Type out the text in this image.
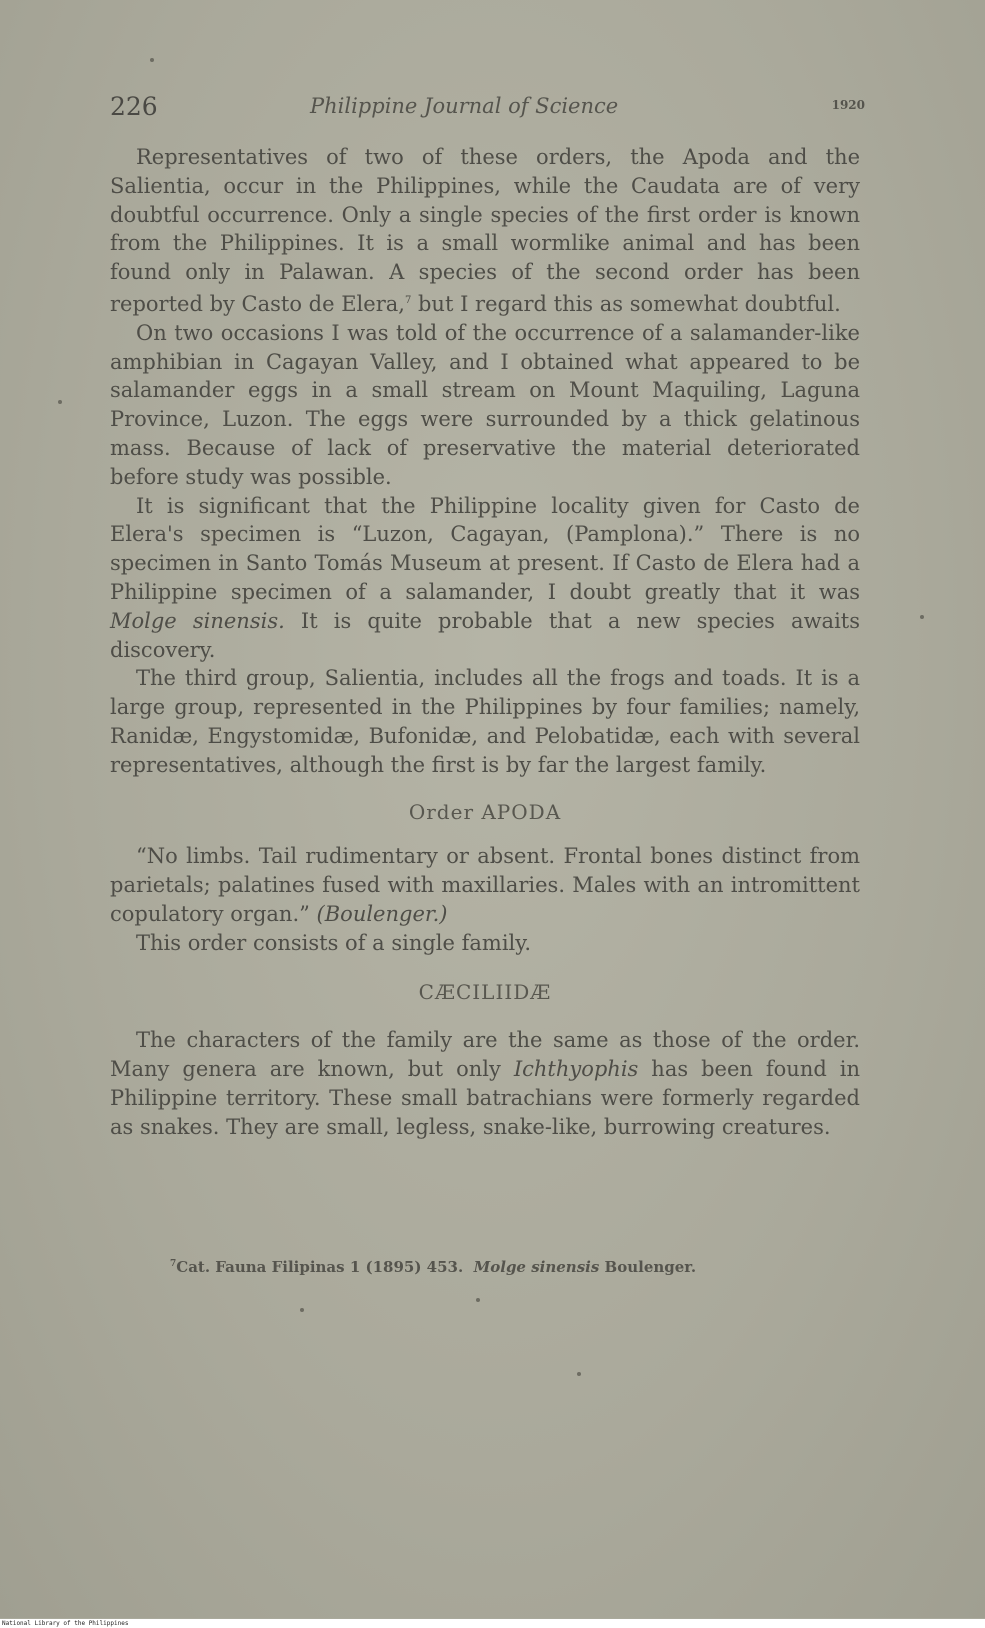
226	Philippine Journal of Science	1920

Representatives of two of these orders, the Apoda and the Salientia, occur in the Philippines, while the Caudata are of very doubtful occurrence. Only a single species of the first order is known from the Philippines. It is a small wormlike animal and has been found only in Palawan. A species of the second order has been reported by Casto de Elera,$^7$ but I regard this as somewhat doubtful.

On two occasions I was told of the occurrence of a salamander-like amphibian in Cagayan Valley, and I obtained what appeared to be salamander eggs in a small stream on Mount Maquiling, Laguna Province, Luzon. The eggs were surrounded by a thick gelatinous mass. Because of lack of preservative the material deteriorated before study was possible.

It is significant that the Philippine locality given for Casto de Elera's specimen is “Luzon, Cagayan, (Pamplona).” There is no specimen in Santo Tomás Museum at present. If Casto de Elera had a Philippine specimen of a salamander, I doubt greatly that it was Molge sinensis. It is quite probable that a new species awaits discovery.

The third group, Salientia, includes all the frogs and toads. It is a large group, represented in the Philippines by four families; namely, Ranidæ, Engystomidæ, Bufonidæ, and Pelobatidæ, each with several representatives, although the first is by far the largest family.

Order APODA

“No limbs. Tail rudimentary or absent. Frontal bones distinct from parietals; palatines fused with maxillaries. Males with an intromittent copulatory organ.” (Boulenger.)

This order consists of a single family.

CÆCILIIDÆ

The characters of the family are the same as those of the order. Many genera are known, but only Ichthyophis has been found in Philippine territory. These small batrachians were formerly regarded as snakes. They are small, legless, snake-like, burrowing creatures.

$^7$Cat. Fauna Filipinas 1 (1895) 453. Molge sinensis Boulenger.
National Library of the Philippines
